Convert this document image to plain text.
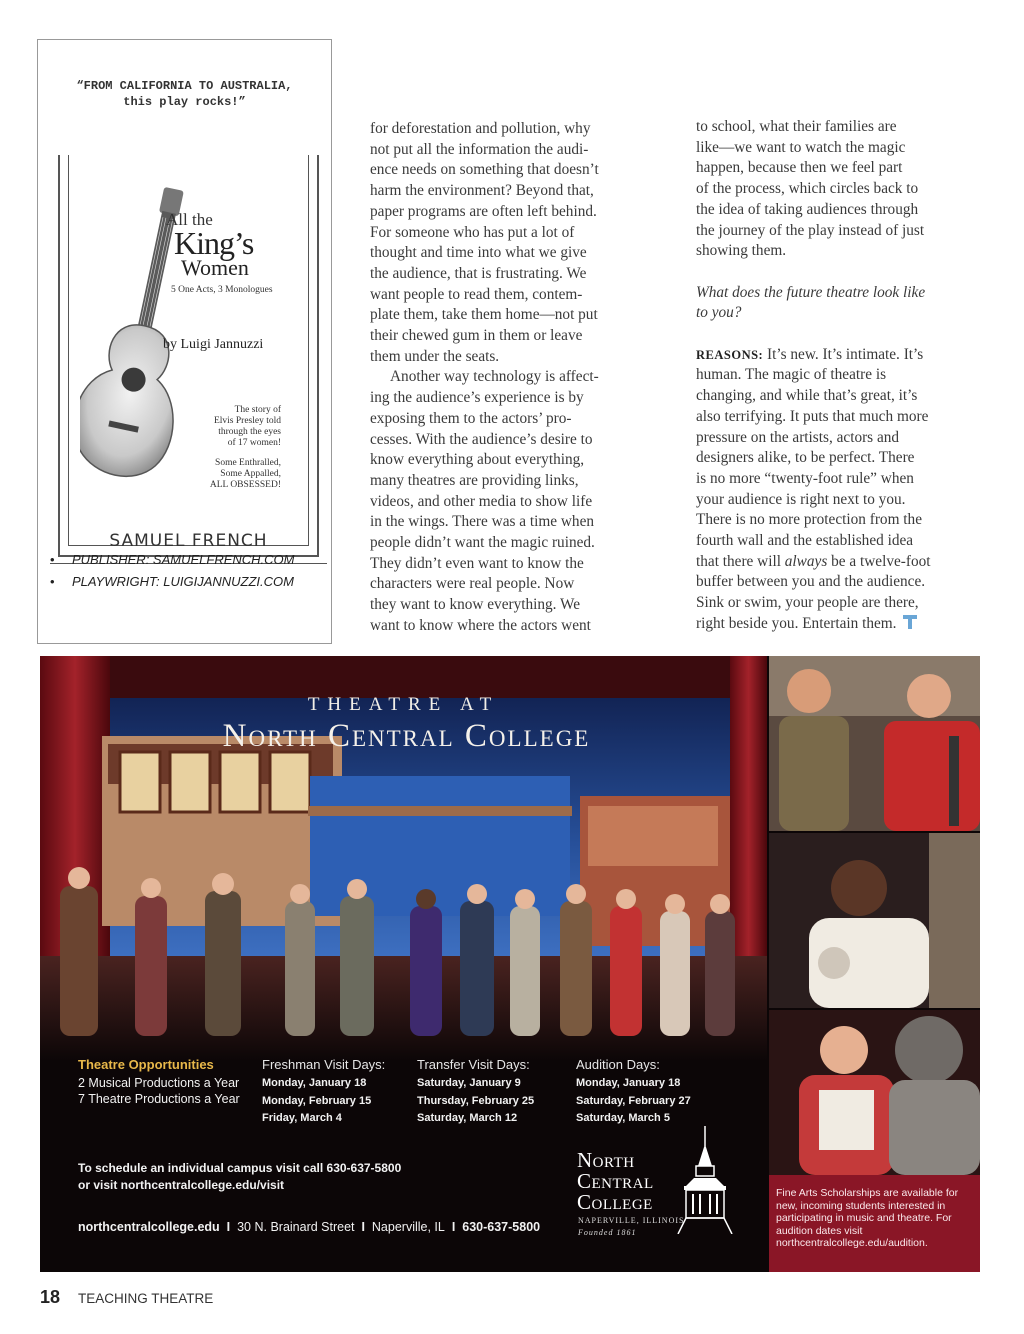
“FROM CALIFORNIA TO AUSTRALIA,
this play rocks!”
All the
King’s
Women
5 One Acts, 3 Monologues
by Luigi Jannuzzi
The story of
Elvis Presley told
through the eyes
of 17 women!
Some Enthralled,
Some Appalled,
ALL OBSESSED!
SAMUEL FRENCH
• PUBLISHER: SAMUELFRENCH.COM
• PLAYWRIGHT: LUIGIJANNUZZI.COM

for deforestation and pollution, why
not put all the information the audi-
ence needs on something that doesn’t
harm the environment? Beyond that,
paper programs are often left behind.
For someone who has put a lot of
thought and time into what we give
the audience, that is frustrating. We
want people to read them, contem-
plate them, take them home—not put
their chewed gum in them or leave
them under the seats.

Another way technology is affect-
ing the audience’s experience is by
exposing them to the actors’ pro-
cesses. With the audience’s desire to
know everything about everything,
many theatres are providing links,
videos, and other media to show life
in the wings. There was a time when
people didn’t want the magic ruined.
They didn’t even want to know the
characters were real people. Now
they want to know everything. We
want to know where the actors went

to school, what their families are
like—we want to watch the magic
happen, because then we feel part
of the process, which circles back to
the idea of taking audiences through
the journey of the play instead of just
showing them.

What does the future theatre look like
to you?

REASONS: It’s new. It’s intimate. It’s
human. The magic of theatre is
changing, and while that’s great, it’s
also terrifying. It puts that much more
pressure on the artists, actors and
designers alike, to be perfect. There
is no more “twenty-foot rule” when
your audience is right next to you.
There is no more protection from the
fourth wall and the established idea
that there will always be a twelve-foot
buffer between you and the audience.
Sink or swim, your people are there,
right beside you. Entertain them.

THEATRE AT
North Central College
Theatre Opportunities
2 Musical Productions a Year
7 Theatre Productions a Year
Freshman Visit Days:
Monday, January 18
Monday, February 15
Friday, March 4
Transfer Visit Days:
Saturday, January 9
Thursday, February 25
Saturday, March 12
Audition Days:
Monday, January 18
Saturday, February 27
Saturday, March 5
To schedule an individual campus visit call 630-637-5800
or visit northcentralcollege.edu/visit
northcentralcollege.edu I 30 N. Brainard Street I Naperville, IL I 630-637-5800
North
Central
College
NAPERVILLE, ILLINOIS
Founded 1861
Fine Arts Scholarships are available for new, incoming students interested in participating in music and theatre. For audition dates visit northcentralcollege.edu/audition.
18 TEACHING THEATRE
